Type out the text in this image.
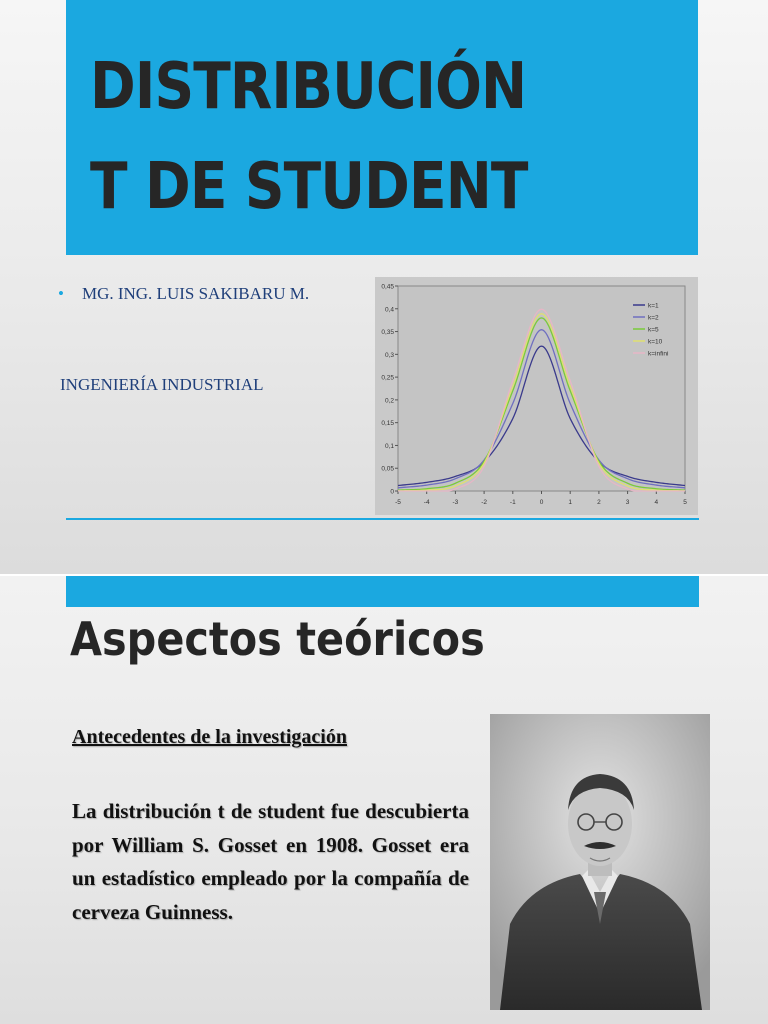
DISTRIBUCIÓN
T DE STUDENT
• MG. ING. LUIS SAKIBARU M.
INGENIERÍA INDUSTRIAL
0
0,05
0,1
0,15
0,2
0,25
0,3
0,35
0,4
0,45
-5	-4	-3	-2	-1	0	1	2	3	4	5
k=1
k=2
k=5
k=10
k=infini
Aspectos teóricos
Antecedentes de la investigación
La distribución t de student fue descubierta por William S. Gosset en 1908. Gosset era un estadístico empleado por la compañía de cerveza Guinness.
